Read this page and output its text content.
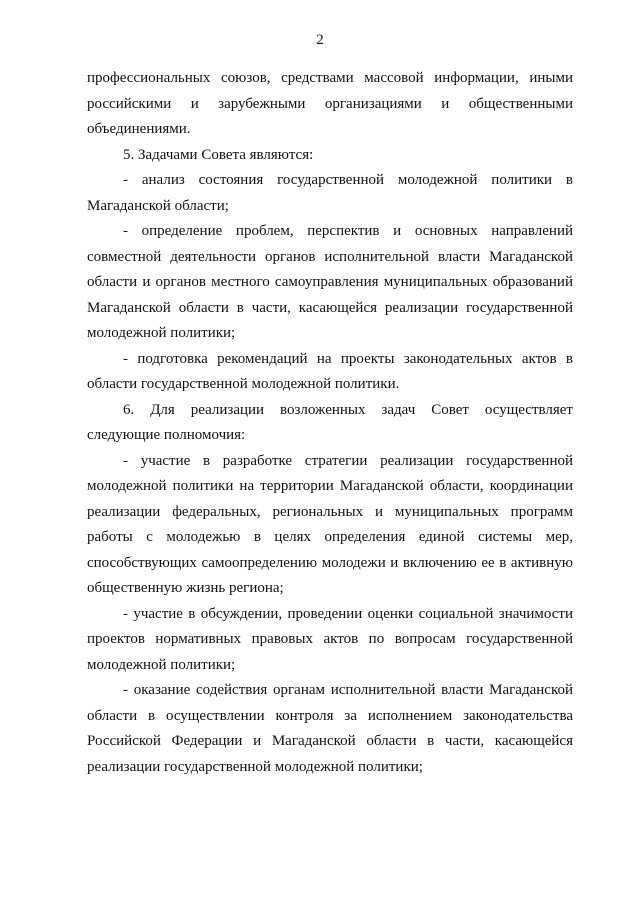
2

профессиональных союзов, средствами массовой информации, иными российскими и зарубежными организациями и общественными объединениями.

5. Задачами Совета являются:

- анализ состояния государственной молодежной политики в Магаданской области;

- определение проблем, перспектив и основных направлений совместной деятельности органов исполнительной власти Магаданской области и органов местного самоуправления муниципальных образований Магаданской области в части, касающейся реализации государственной молодежной политики;

- подготовка рекомендаций на проекты законодательных актов в области государственной молодежной политики.

6. Для реализации возложенных задач Совет осуществляет следующие полномочия:

- участие в разработке стратегии реализации государственной молодежной политики на территории Магаданской области, координации реализации федеральных, региональных и муниципальных программ работы с молодежью в целях определения единой системы мер, способствующих самоопределению молодежи и включению ее в активную общественную жизнь региона;

- участие в обсуждении, проведении оценки социальной значимости проектов нормативных правовых актов по вопросам государственной молодежной политики;

- оказание содействия органам исполнительной власти Магаданской области в осуществлении контроля за исполнением законодательства Российской Федерации и Магаданской области в части, касающейся реализации государственной молодежной политики;
